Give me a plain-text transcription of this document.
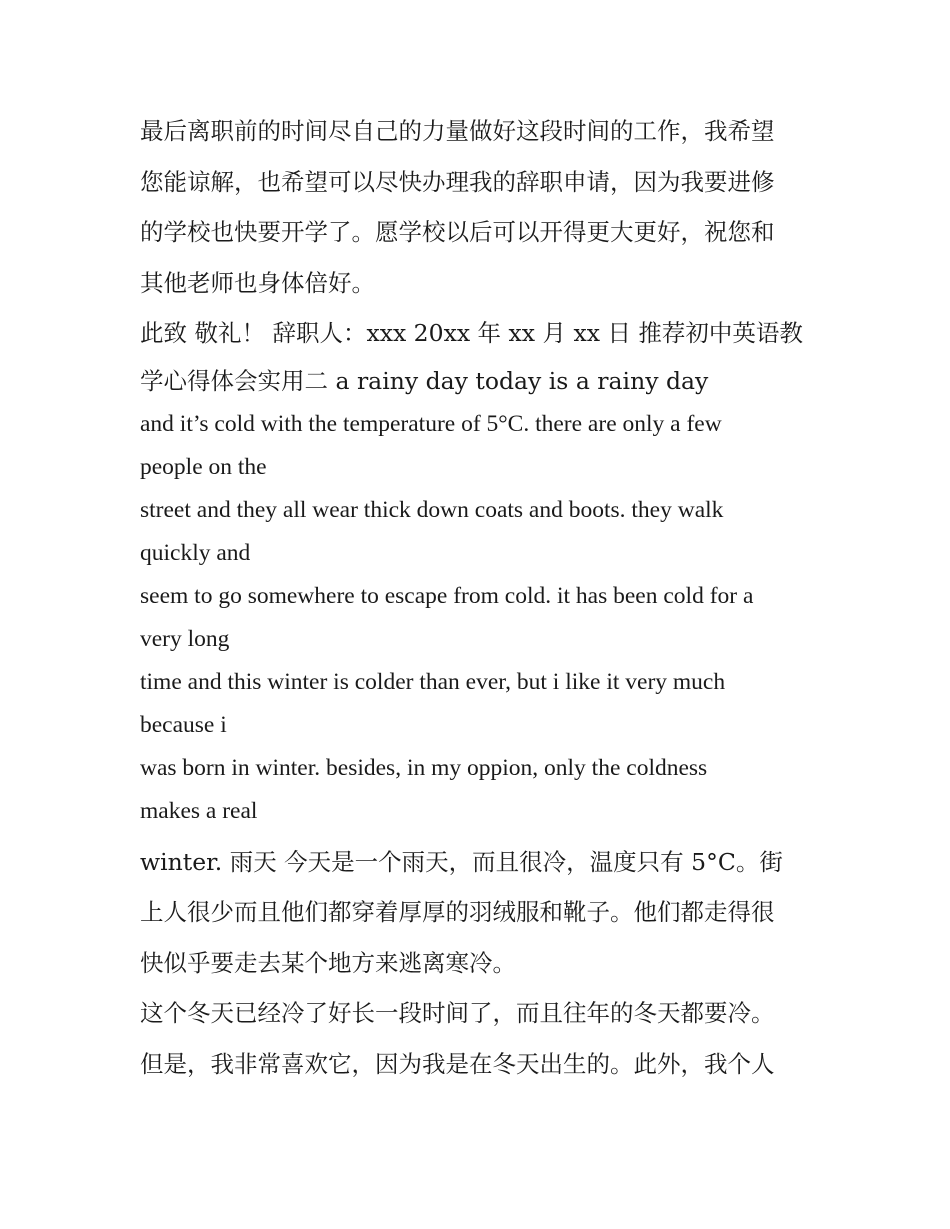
最后离职前的时间尽自己的力量做好这段时间的工作，我希望
您能谅解，也希望可以尽快办理我的辞职申请，因为我要进修
的学校也快要开学了。愿学校以后可以开得更大更好，祝您和
其他老师也身体倍好。
此致 敬礼！ 辞职人：xxx 20xx 年 xx 月 xx 日 推荐初中英语教
学心得体会实用二 a rainy day today is a rainy day
and it’s cold with the temperature of 5°C. there are only a few
people on the
street and they all wear thick down coats and boots. they walk
quickly and
seem to go somewhere to escape from cold. it has been cold for a
very long
time and this winter is colder than ever, but i like it very much
because i
was born in winter. besides, in my oppion, only the coldness
makes a real
winter. 雨天 今天是一个雨天，而且很冷，温度只有 5°C。街
上人很少而且他们都穿着厚厚的羽绒服和靴子。他们都走得很
快似乎要走去某个地方来逃离寒冷。
这个冬天已经冷了好长一段时间了，而且往年的冬天都要冷。
但是，我非常喜欢它，因为我是在冬天出生的。此外，我个人
